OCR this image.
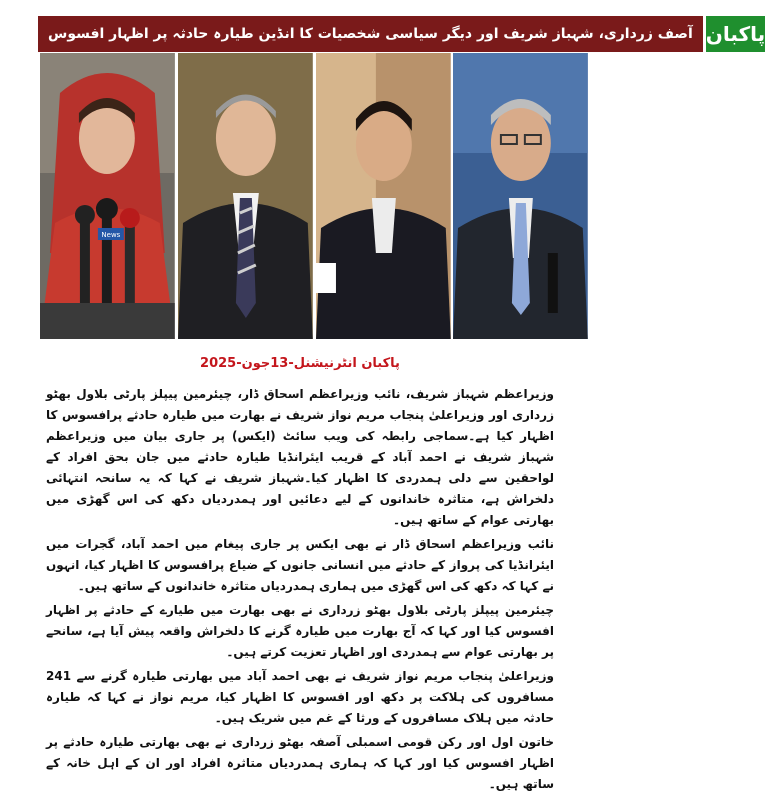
آصف زرداری، شہباز شریف اور دیگر سیاسی شخصیات کا انڈین طیارہ حادثہ پر اظہار افسوس پاکبان
News
پاکبان انٹرنیشنل-13جون-2025

وزیراعظم شہباز شریف، نائب وزیراعظم اسحاق ڈار، چیئرمین پیپلز پارٹی بلاول بھٹو زرداری اور وزیراعلیٰ پنجاب مریم نواز شریف نے بھارت میں طیارہ حادثے پرافسوس کا اظہار کیا ہے۔سماجی رابطہ کی ویب سائٹ (ایکس) پر جاری بیان میں وزیراعظم شہباز شریف نے احمد آباد کے قریب ایئرانڈیا طیارہ حادثے میں جان بحق افراد کے لواحقین سے دلی ہمدردی کا اظہار کیا۔شہباز شریف نے کہا کہ یہ سانحہ انتہائی دلخراش ہے، متاثرہ خاندانوں کے لیے دعائیں اور ہمدردیاں دکھ کی اس گھڑی میں بھارتی عوام کے ساتھ ہیں۔

نائب وزیراعظم اسحاق ڈار نے بھی ایکس پر جاری پیغام میں احمد آباد، گجرات میں ایئرانڈیا کی پرواز کے حادثے میں انسانی جانوں کے ضیاع پرافسوس کا اظہار کیا، انہوں نے کہا کہ دکھ کی اس گھڑی میں ہماری ہمدردیاں متاثرہ خاندانوں کے ساتھ ہیں۔

چیئرمین پیپلز پارٹی بلاول بھٹو زرداری نے بھی بھارت میں طیارے کے حادثے پر اظہار افسوس کیا اور کہا کہ آج بھارت میں طیارہ گرنے کا دلخراش واقعہ پیش آیا ہے، سانحے پر بھارتی عوام سے ہمدردی اور اظہار تعزیت کرتے ہیں۔

وزیراعلیٰ پنجاب مریم نواز شریف نے بھی احمد آباد میں بھارتی طیارہ گرنے سے 241 مسافروں کی ہلاکت پر دکھ اور افسوس کا اظہار کیا، مریم نواز نے کہا کہ طیارہ حادثہ میں ہلاک مسافروں کے ورثا کے غم میں شریک ہیں۔

خاتون اول اور رکن قومی اسمبلی آصفہ بھٹو زرداری نے بھی بھارتی طیارہ حادثے پر اظہار افسوس کیا اور کہا کہ ہماری ہمدردیاں متاثرہ افراد اور ان کے اہل خانہ کے ساتھ ہیں۔
